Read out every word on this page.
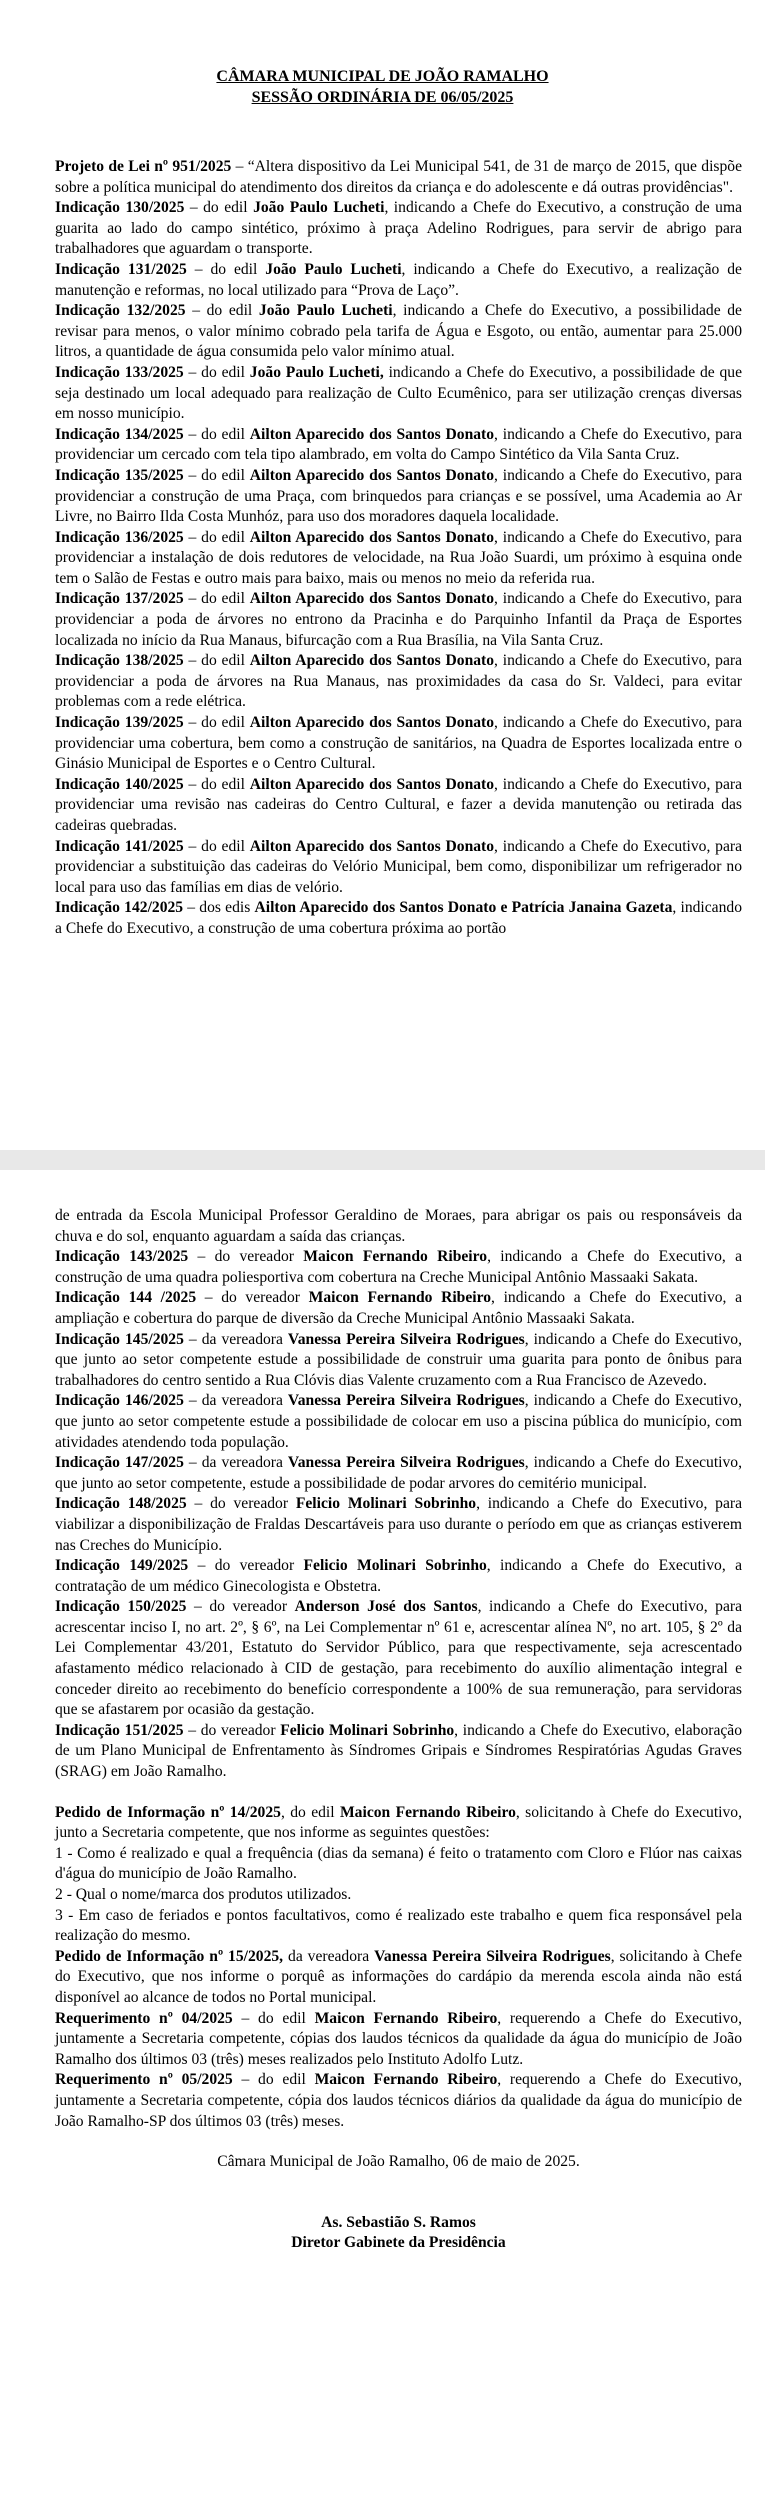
CÂMARA MUNICIPAL DE JOÃO RAMALHO
SESSÃO ORDINÁRIA DE 06/05/2025

Projeto de Lei nº 951/2025 – “Altera dispositivo da Lei Municipal 541, de 31 de março de 2015, que dispõe sobre a política municipal do atendimento dos direitos da criança e do adolescente e dá outras providências".

Indicação 130/2025 – do edil João Paulo Lucheti, indicando a Chefe do Executivo, a construção de uma guarita ao lado do campo sintético, próximo à praça Adelino Rodrigues, para servir de abrigo para trabalhadores que aguardam o transporte.

Indicação 131/2025 – do edil João Paulo Lucheti, indicando a Chefe do Executivo, a realização de manutenção e reformas, no local utilizado para “Prova de Laço”.

Indicação 132/2025 – do edil João Paulo Lucheti, indicando a Chefe do Executivo, a possibilidade de revisar para menos, o valor mínimo cobrado pela tarifa de Água e Esgoto, ou então, aumentar para 25.000 litros, a quantidade de água consumida pelo valor mínimo atual.

Indicação 133/2025 – do edil João Paulo Lucheti, indicando a Chefe do Executivo, a possibilidade de que seja destinado um local adequado para realização de Culto Ecumênico, para ser utilização crenças diversas em nosso município.

Indicação 134/2025 – do edil Ailton Aparecido dos Santos Donato, indicando a Chefe do Executivo, para providenciar um cercado com tela tipo alambrado, em volta do Campo Sintético da Vila Santa Cruz.

Indicação 135/2025 – do edil Ailton Aparecido dos Santos Donato, indicando a Chefe do Executivo, para providenciar a construção de uma Praça, com brinquedos para crianças e se possível, uma Academia ao Ar Livre, no Bairro Ilda Costa Munhóz, para uso dos moradores daquela localidade.

Indicação 136/2025 – do edil Ailton Aparecido dos Santos Donato, indicando a Chefe do Executivo, para providenciar a instalação de dois redutores de velocidade, na Rua João Suardi, um próximo à esquina onde tem o Salão de Festas e outro mais para baixo, mais ou menos no meio da referida rua.

Indicação 137/2025 – do edil Ailton Aparecido dos Santos Donato, indicando a Chefe do Executivo, para providenciar a poda de árvores no entrono da Pracinha e do Parquinho Infantil da Praça de Esportes localizada no início da Rua Manaus, bifurcação com a Rua Brasília, na Vila Santa Cruz.

Indicação 138/2025 – do edil Ailton Aparecido dos Santos Donato, indicando a Chefe do Executivo, para providenciar a poda de árvores na Rua Manaus, nas proximidades da casa do Sr. Valdeci, para evitar problemas com a rede elétrica.

Indicação 139/2025 – do edil Ailton Aparecido dos Santos Donato, indicando a Chefe do Executivo, para providenciar uma cobertura, bem como a construção de sanitários, na Quadra de Esportes localizada entre o Ginásio Municipal de Esportes e o Centro Cultural.

Indicação 140/2025 – do edil Ailton Aparecido dos Santos Donato, indicando a Chefe do Executivo, para providenciar uma revisão nas cadeiras do Centro Cultural, e fazer a devida manutenção ou retirada das cadeiras quebradas.

Indicação 141/2025 – do edil Ailton Aparecido dos Santos Donato, indicando a Chefe do Executivo, para providenciar a substituição das cadeiras do Velório Municipal, bem como, disponibilizar um refrigerador no local para uso das famílias em dias de velório.

Indicação 142/2025 – dos edis Ailton Aparecido dos Santos Donato e Patrícia Janaina Gazeta, indicando a Chefe do Executivo, a construção de uma cobertura próxima ao portão

de entrada da Escola Municipal Professor Geraldino de Moraes, para abrigar os pais ou responsáveis da chuva e do sol, enquanto aguardam a saída das crianças.

Indicação 143/2025 – do vereador Maicon Fernando Ribeiro, indicando a Chefe do Executivo, a construção de uma quadra poliesportiva com cobertura na Creche Municipal Antônio Massaaki Sakata.

Indicação 144 /2025 – do vereador Maicon Fernando Ribeiro, indicando a Chefe do Executivo, a ampliação e cobertura do parque de diversão da Creche Municipal Antônio Massaaki Sakata.

Indicação 145/2025 – da vereadora Vanessa Pereira Silveira Rodrigues, indicando a Chefe do Executivo, que junto ao setor competente estude a possibilidade de construir uma guarita para ponto de ônibus para trabalhadores do centro sentido a Rua Clóvis dias Valente cruzamento com a Rua Francisco de Azevedo.

Indicação 146/2025 – da vereadora Vanessa Pereira Silveira Rodrigues, indicando a Chefe do Executivo, que junto ao setor competente estude a possibilidade de colocar em uso a piscina pública do município, com atividades atendendo toda população.

Indicação 147/2025 – da vereadora Vanessa Pereira Silveira Rodrigues, indicando a Chefe do Executivo, que junto ao setor competente, estude a possibilidade de podar arvores do cemitério municipal.

Indicação 148/2025 – do vereador Felicio Molinari Sobrinho, indicando a Chefe do Executivo, para viabilizar a disponibilização de Fraldas Descartáveis para uso durante o período em que as crianças estiverem nas Creches do Município.

Indicação 149/2025 – do vereador Felicio Molinari Sobrinho, indicando a Chefe do Executivo, a contratação de um médico Ginecologista e Obstetra.

Indicação 150/2025 – do vereador Anderson José dos Santos, indicando a Chefe do Executivo, para acrescentar inciso I, no art. 2º, § 6º, na Lei Complementar nº 61 e, acrescentar alínea Nº, no art. 105, § 2º da Lei Complementar 43/201, Estatuto do Servidor Público, para que respectivamente, seja acrescentado afastamento médico relacionado à CID de gestação, para recebimento do auxílio alimentação integral e conceder direito ao recebimento do benefício correspondente a 100% de sua remuneração, para servidoras que se afastarem por ocasião da gestação.

Indicação 151/2025 – do vereador Felicio Molinari Sobrinho, indicando a Chefe do Executivo, elaboração de um Plano Municipal de Enfrentamento às Síndromes Gripais e Síndromes Respiratórias Agudas Graves (SRAG) em João Ramalho.

Pedido de Informação nº 14/2025, do edil Maicon Fernando Ribeiro, solicitando à Chefe do Executivo, junto a Secretaria competente, que nos informe as seguintes questões:

1 - Como é realizado e qual a frequência (dias da semana) é feito o tratamento com Cloro e Flúor nas caixas d'água do município de João Ramalho.

2 - Qual o nome/marca dos produtos utilizados.

3 - Em caso de feriados e pontos facultativos, como é realizado este trabalho e quem fica responsável pela realização do mesmo.

Pedido de Informação nº 15/2025, da vereadora Vanessa Pereira Silveira Rodrigues, solicitando à Chefe do Executivo, que nos informe o porquê as informações do cardápio da merenda escola ainda não está disponível ao alcance de todos no Portal municipal.

Requerimento nº 04/2025 – do edil Maicon Fernando Ribeiro, requerendo a Chefe do Executivo, juntamente a Secretaria competente, cópias dos laudos técnicos da qualidade da água do município de João Ramalho dos últimos 03 (três) meses realizados pelo Instituto Adolfo Lutz.

Requerimento nº 05/2025 – do edil Maicon Fernando Ribeiro, requerendo a Chefe do Executivo, juntamente a Secretaria competente, cópia dos laudos técnicos diários da qualidade da água do município de João Ramalho-SP dos últimos 03 (três) meses.

Câmara Municipal de João Ramalho, 06 de maio de 2025.

As. Sebastião S. Ramos

Diretor Gabinete da Presidência
